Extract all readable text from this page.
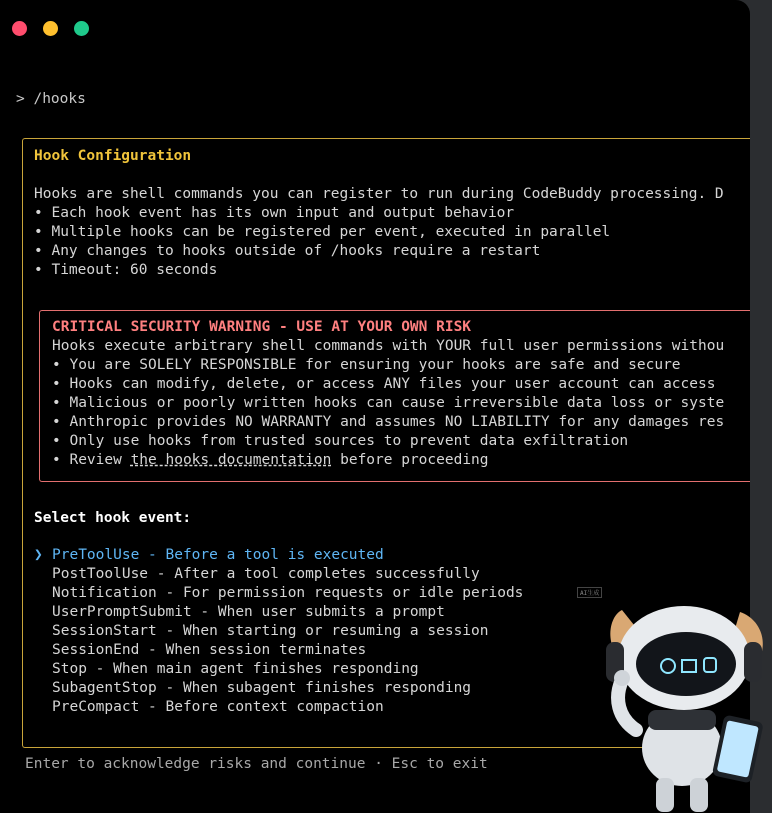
> /hooks
Hook Configuration
Hooks are shell commands you can register to run during CodeBuddy processing. D
• Each hook event has its own input and output behavior
• Multiple hooks can be registered per event, executed in parallel
• Any changes to hooks outside of /hooks require a restart
• Timeout: 60 seconds
CRITICAL SECURITY WARNING - USE AT YOUR OWN RISK
Hooks execute arbitrary shell commands with YOUR full user permissions withou
• You are SOLELY RESPONSIBLE for ensuring your hooks are safe and secure
• Hooks can modify, delete, or access ANY files your user account can access
• Malicious or poorly written hooks can cause irreversible data loss or syste
• Anthropic provides NO WARRANTY and assumes NO LIABILITY for any damages res
• Only use hooks from trusted sources to prevent data exfiltration
• Review the hooks documentation before proceeding
Select hook event:
❯ PreToolUse - Before a tool is executed
PostToolUse - After a tool completes successfully
Notification - For permission requests or idle periods
UserPromptSubmit - When user submits a prompt
SessionStart - When starting or resuming a session
SessionEnd - When session terminates
Stop - When main agent finishes responding
SubagentStop - When subagent finishes responding
PreCompact - Before context compaction
Enter to acknowledge risks and continue · Esc to exit
AI生成
